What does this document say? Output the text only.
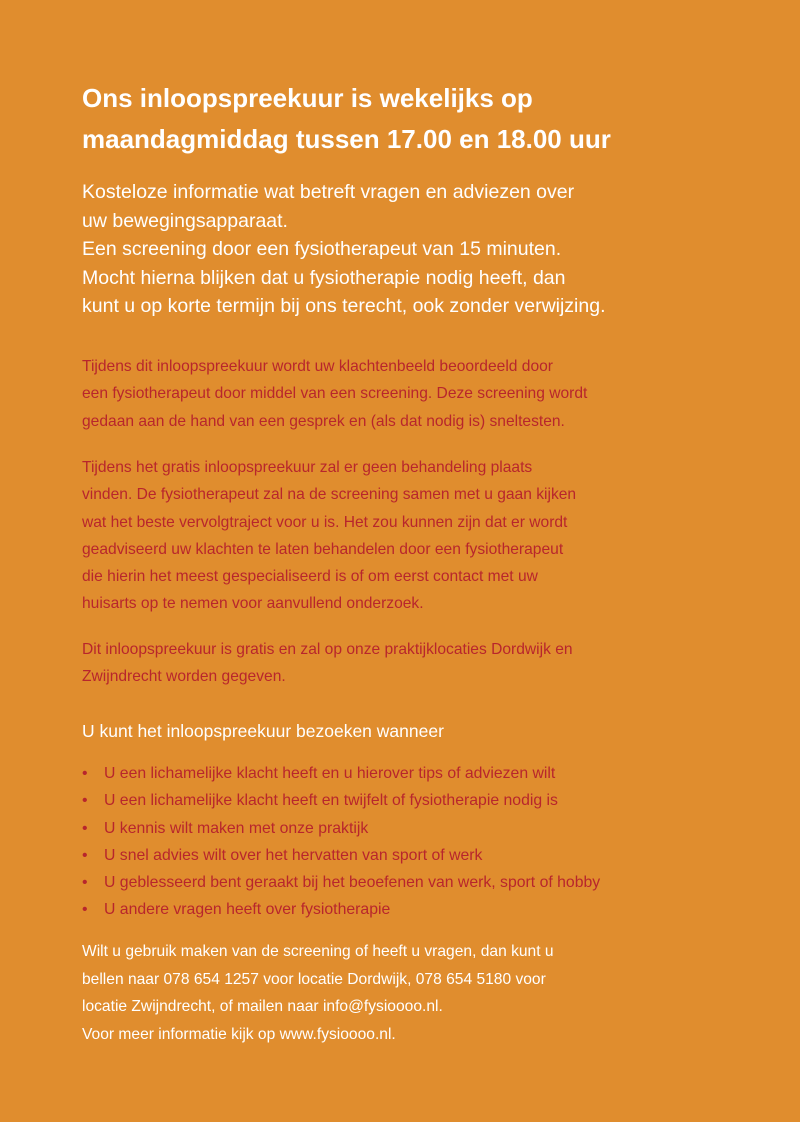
Ons inloopspreekuur is wekelijks op
maandagmiddag tussen 17.00 en 18.00 uur

Kosteloze informatie wat betreft vragen en adviezen over
uw bewegingsapparaat.
Een screening door een fysiotherapeut van 15 minuten.
Mocht hierna blijken dat u fysiotherapie nodig heeft, dan
kunt u op korte termijn bij ons terecht, ook zonder verwijzing.

Tijdens dit inloopspreekuur wordt uw klachtenbeeld beoordeeld door
een fysiotherapeut door middel van een screening. Deze screening wordt
gedaan aan de hand van een gesprek en (als dat nodig is) sneltesten.

Tijdens het gratis inloopspreekuur zal er geen behandeling plaats
vinden. De fysiotherapeut zal na de screening samen met u gaan kijken
wat het beste vervolgtraject voor u is. Het zou kunnen zijn dat er wordt
geadviseerd uw klachten te laten behandelen door een fysiotherapeut
die hierin het meest gespecialiseerd is of om eerst contact met uw
huisarts op te nemen voor aanvullend onderzoek.

Dit inloopspreekuur is gratis en zal op onze praktijklocaties Dordwijk en
Zwijndrecht worden gegeven.

U kunt het inloopspreekuur bezoeken wanneer

• U een lichamelijke klacht heeft en u hierover tips of adviezen wilt
• U een lichamelijke klacht heeft en twijfelt of fysiotherapie nodig is
• U kennis wilt maken met onze praktijk
• U snel advies wilt over het hervatten van sport of werk
• U geblesseerd bent geraakt bij het beoefenen van werk, sport of hobby
• U andere vragen heeft over fysiotherapie

Wilt u gebruik maken van de screening of heeft u vragen, dan kunt u
bellen naar 078 654 1257 voor locatie Dordwijk, 078 654 5180 voor
locatie Zwijndrecht, of mailen naar info@fysioooo.nl.
Voor meer informatie kijk op www.fysioooo.nl.
